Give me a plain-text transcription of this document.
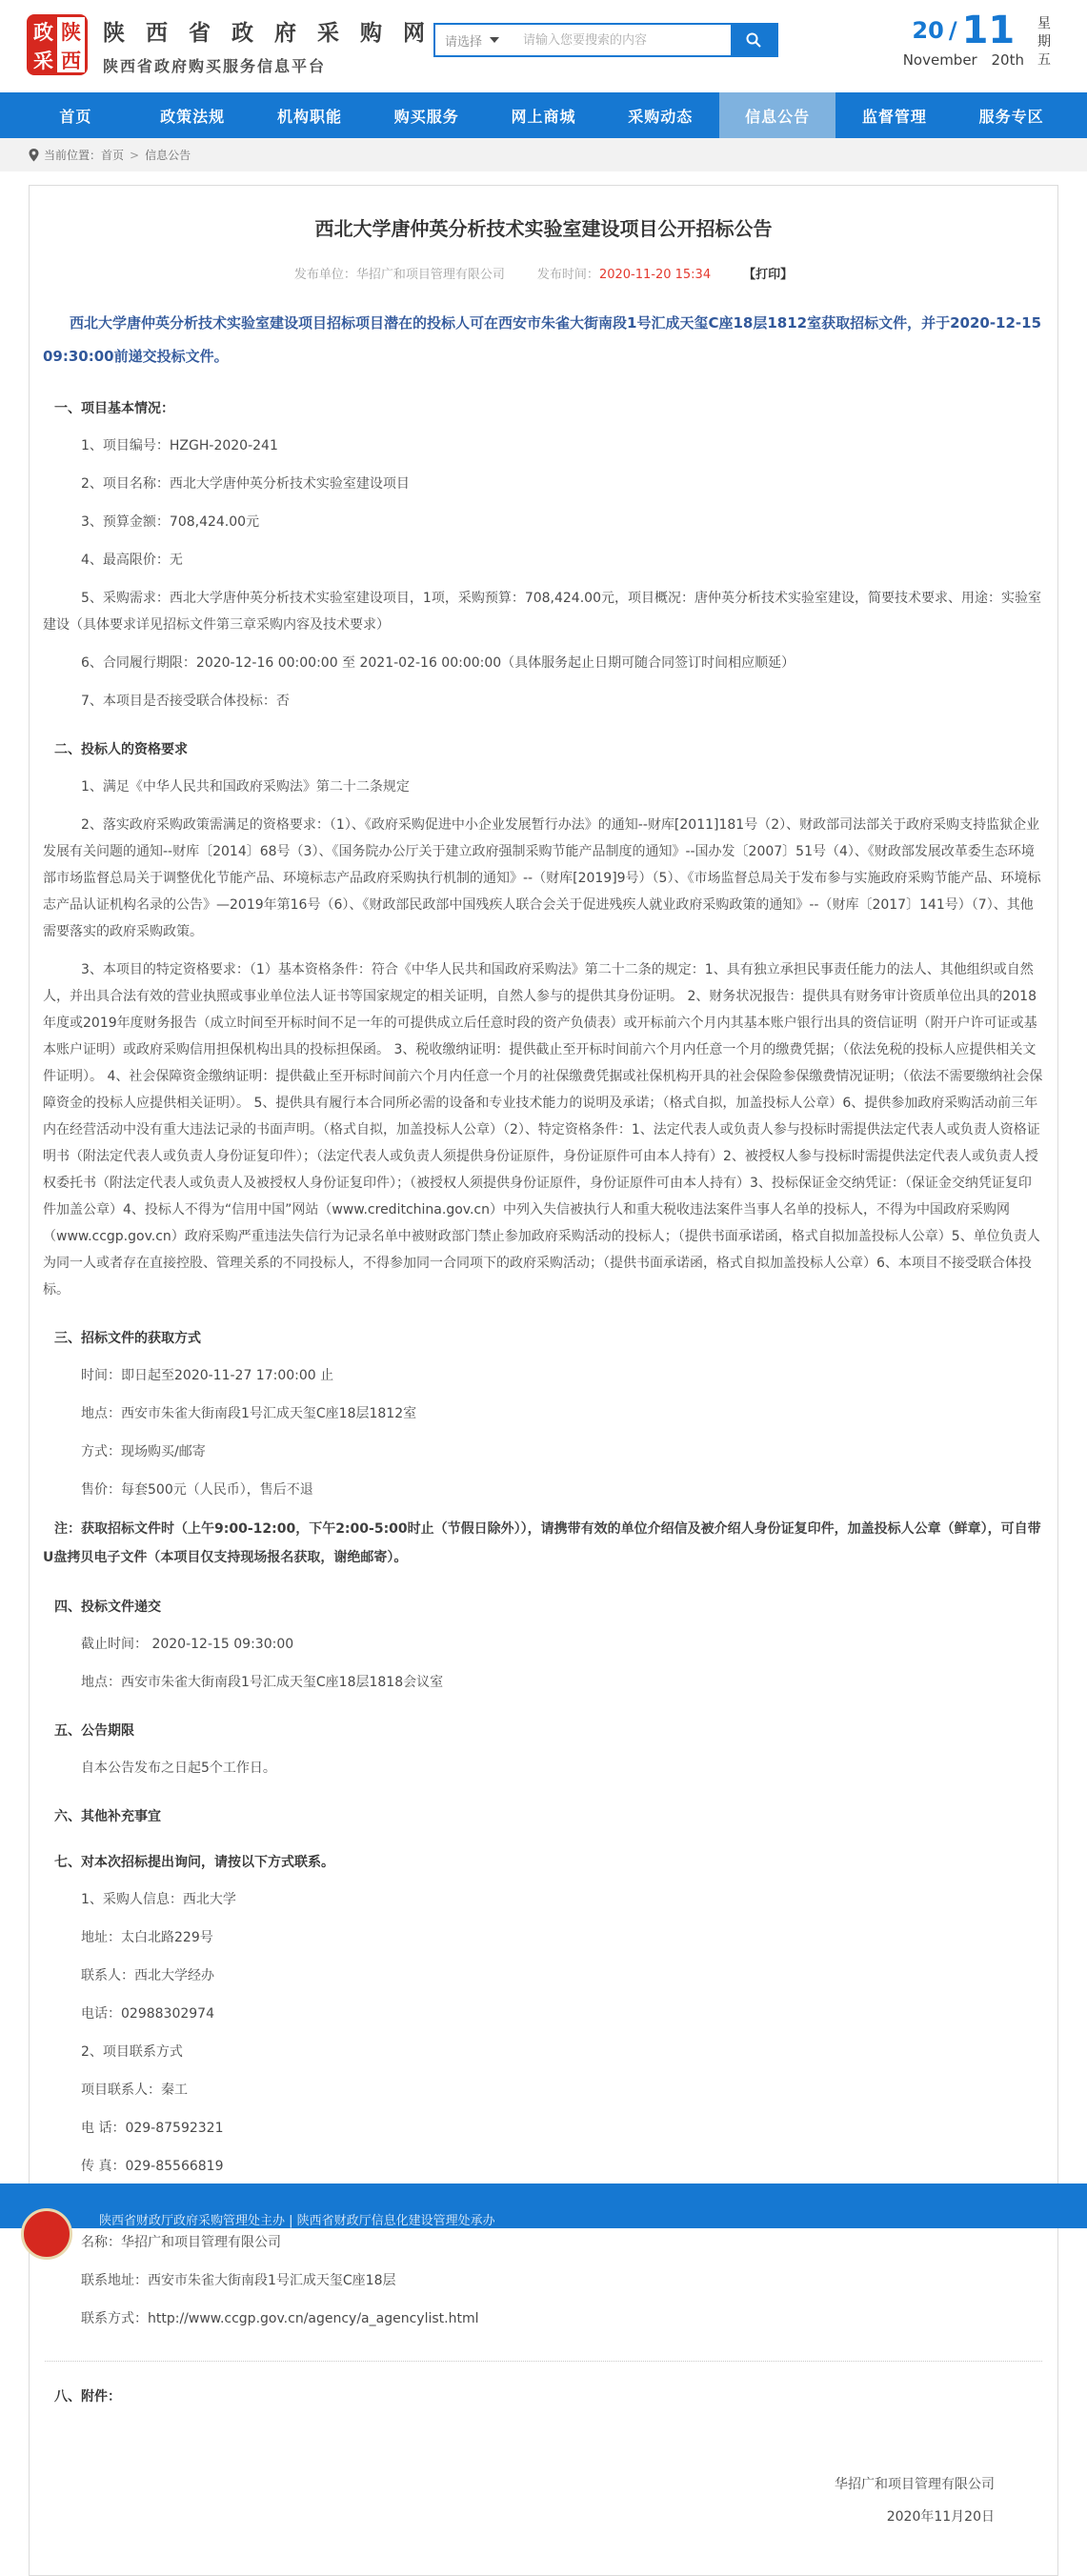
政
采
陕
西
陕 西 省 政 府 采 购 网
陕西省政府购买服务信息平台
请选择
请输入您要搜索的内容	20 / 11
November 20th
星
期
五
首页	政策法规	机构职能	购买服务	网上商城	采购动态	信息公告	监督管理	服务专区
当前位置： 首页 > 信息公告
西北大学唐仲英分析技术实验室建设项目公开招标公告
发布单位：华招广和项目管理有限公司	发布时间：2020-11-20 15:34	【打印】

西北大学唐仲英分析技术实验室建设项目招标项目潜在的投标人可在西安市朱雀大街南段1号汇成天玺C座18层1812室获取招标文件，并于2020-12-15 09:30:00前递交投标文件。

一、项目基本情况：

1、项目编号：HZGH-2020-241

2、项目名称：西北大学唐仲英分析技术实验室建设项目

3、预算金额：708,424.00元

4、最高限价：无

5、采购需求：西北大学唐仲英分析技术实验室建设项目，1项，采购预算：708,424.00元，项目概况：唐仲英分析技术实验室建设，简要技术要求、用途：实验室建设（具体要求详见招标文件第三章采购内容及技术要求）

6、合同履行期限：2020-12-16 00:00:00 至 2021-02-16 00:00:00（具体服务起止日期可随合同签订时间相应顺延）

7、本项目是否接受联合体投标：否

二、投标人的资格要求

1、满足《中华人民共和国政府采购法》第二十二条规定

2、落实政府采购政策需满足的资格要求：（1）、《政府采购促进中小企业发展暂行办法》的通知--财库[2011]181号（2）、财政部司法部关于政府采购支持监狱企业发展有关问题的通知--财库〔2014〕68号（3）、《国务院办公厅关于建立政府强制采购节能产品制度的通知》--国办发〔2007〕51号（4）、《财政部发展改革委生态环境部市场监督总局关于调整优化节能产品、环境标志产品政府采购执行机制的通知》--（财库[2019]9号）（5）、《市场监督总局关于发布参与实施政府采购节能产品、环境标志产品认证机构名录的公告》—2019年第16号（6）、《财政部民政部中国残疾人联合会关于促进残疾人就业政府采购政策的通知》--（财库〔2017〕141号）（7）、其他需要落实的政府采购政策。

3、本项目的特定资格要求：（1）基本资格条件：符合《中华人民共和国政府采购法》第二十二条的规定：1、具有独立承担民事责任能力的法人、其他组织或自然人，并出具合法有效的营业执照或事业单位法人证书等国家规定的相关证明，自然人参与的提供其身份证明。 2、财务状况报告：提供具有财务审计资质单位出具的2018年度或2019年度财务报告（成立时间至开标时间不足一年的可提供成立后任意时段的资产负债表）或开标前六个月内其基本账户银行出具的资信证明（附开户许可证或基本账户证明）或政府采购信用担保机构出具的投标担保函。 3、税收缴纳证明：提供截止至开标时间前六个月内任意一个月的缴费凭据；（依法免税的投标人应提供相关文件证明）。 4、社会保障资金缴纳证明：提供截止至开标时间前六个月内任意一个月的社保缴费凭据或社保机构开具的社会保险参保缴费情况证明；（依法不需要缴纳社会保障资金的投标人应提供相关证明）。 5、提供具有履行本合同所必需的设备和专业技术能力的说明及承诺；（格式自拟，加盖投标人公章）6、提供参加政府采购活动前三年内在经营活动中没有重大违法记录的书面声明。（格式自拟，加盖投标人公章）（2）、特定资格条件：1、法定代表人或负责人参与投标时需提供法定代表人或负责人资格证明书（附法定代表人或负责人身份证复印件）；（法定代表人或负责人须提供身份证原件，身份证原件可由本人持有）2、被授权人参与投标时需提供法定代表人或负责人授权委托书（附法定代表人或负责人及被授权人身份证复印件）；（被授权人须提供身份证原件，身份证原件可由本人持有）3、投标保证金交纳凭证：（保证金交纳凭证复印件加盖公章）4、投标人不得为“信用中国”网站（www.creditchina.gov.cn）中列入失信被执行人和重大税收违法案件当事人名单的投标人，不得为中国政府采购网（www.ccgp.gov.cn）政府采购严重违法失信行为记录名单中被财政部门禁止参加政府采购活动的投标人；（提供书面承诺函，格式自拟加盖投标人公章）5、单位负责人为同一人或者存在直接控股、管理关系的不同投标人，不得参加同一合同项下的政府采购活动；（提供书面承诺函，格式自拟加盖投标人公章）6、本项目不接受联合体投标。

三、招标文件的获取方式

时间：即日起至2020-11-27 17:00:00 止

地点：西安市朱雀大街南段1号汇成天玺C座18层1812室

方式：现场购买/邮寄

售价：每套500元（人民币），售后不退

注：获取招标文件时（上午9:00-12:00，下午2:00-5:00时止（节假日除外）），请携带有效的单位介绍信及被介绍人身份证复印件，加盖投标人公章（鲜章），可自带 U盘拷贝电子文件（本项目仅支持现场报名获取，谢绝邮寄）。

四、投标文件递交

截止时间： 2020-12-15 09:30:00

地点：西安市朱雀大街南段1号汇成天玺C座18层1818会议室

五、公告期限

自本公告发布之日起5个工作日。

六、其他补充事宜

七、对本次招标提出询问，请按以下方式联系。

1、采购人信息：西北大学

地址：太白北路229号

联系人：西北大学经办

电话：02988302974

2、项目联系方式

项目联系人：秦工

电 话：029-87592321

传 真：029-85566819

名称：华招广和项目管理有限公司

联系地址：西安市朱雀大街南段1号汇成天玺C座18层

联系方式：http://www.ccgp.gov.cn/agency/a_agencylist.html

八、附件：

华招广和项目管理有限公司
2020年11月20日
陕西省财政厅政府采购管理处主办 | 陕西省财政厅信息化建设管理处承办
